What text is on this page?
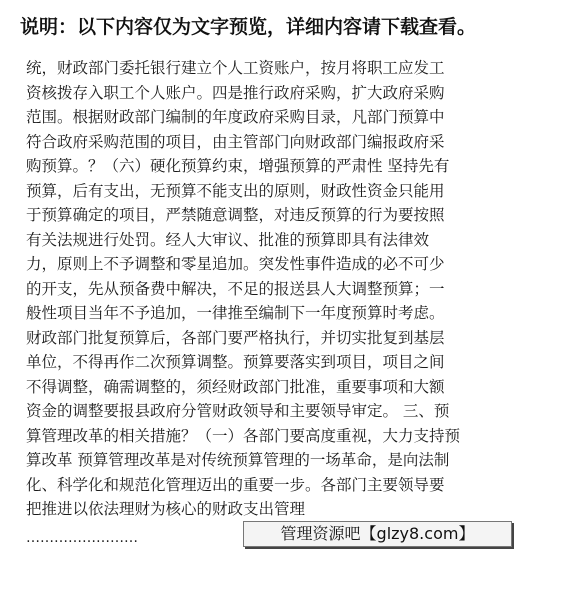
说明：以下内容仅为文字预览，详细内容请下载查看。
统，财政部门委托银行建立个人工资账户，按月将职工应发工
资核拨存入职工个人账户。四是推行政府采购，扩大政府采购
范围。根据财政部门编制的年度政府采购目录，凡部门预算中
符合政府采购范围的项目，由主管部门向财政部门编报政府采
购预算。？（六）硬化预算约束，增强预算的严肃性 坚持先有
预算，后有支出，无预算不能支出的原则，财政性资金只能用
于预算确定的项目，严禁随意调整，对违反预算的行为要按照
有关法规进行处罚。经人大审议、批准的预算即具有法律效
力，原则上不予调整和零星追加。突发性事件造成的必不可少
的开支，先从预备费中解决，不足的报送县人大调整预算；一
般性项目当年不予追加，一律推至编制下一年度预算时考虑。
财政部门批复预算后，各部门要严格执行，并切实批复到基层
单位，不得再作二次预算调整。预算要落实到项目，项目之间
不得调整，确需调整的，须经财政部门批准，重要事项和大额
资金的调整要报县政府分管财政领导和主要领导审定。 三、预
算管理改革的相关措施？（一）各部门要高度重视，大力支持预
算改革 预算管理改革是对传统预算管理的一场革命，是向法制
化、科学化和规范化管理迈出的重要一步。各部门主要领导要
把推进以依法理财为核心的财政支出管理
……………………	管理资源吧【glzy8.com】
